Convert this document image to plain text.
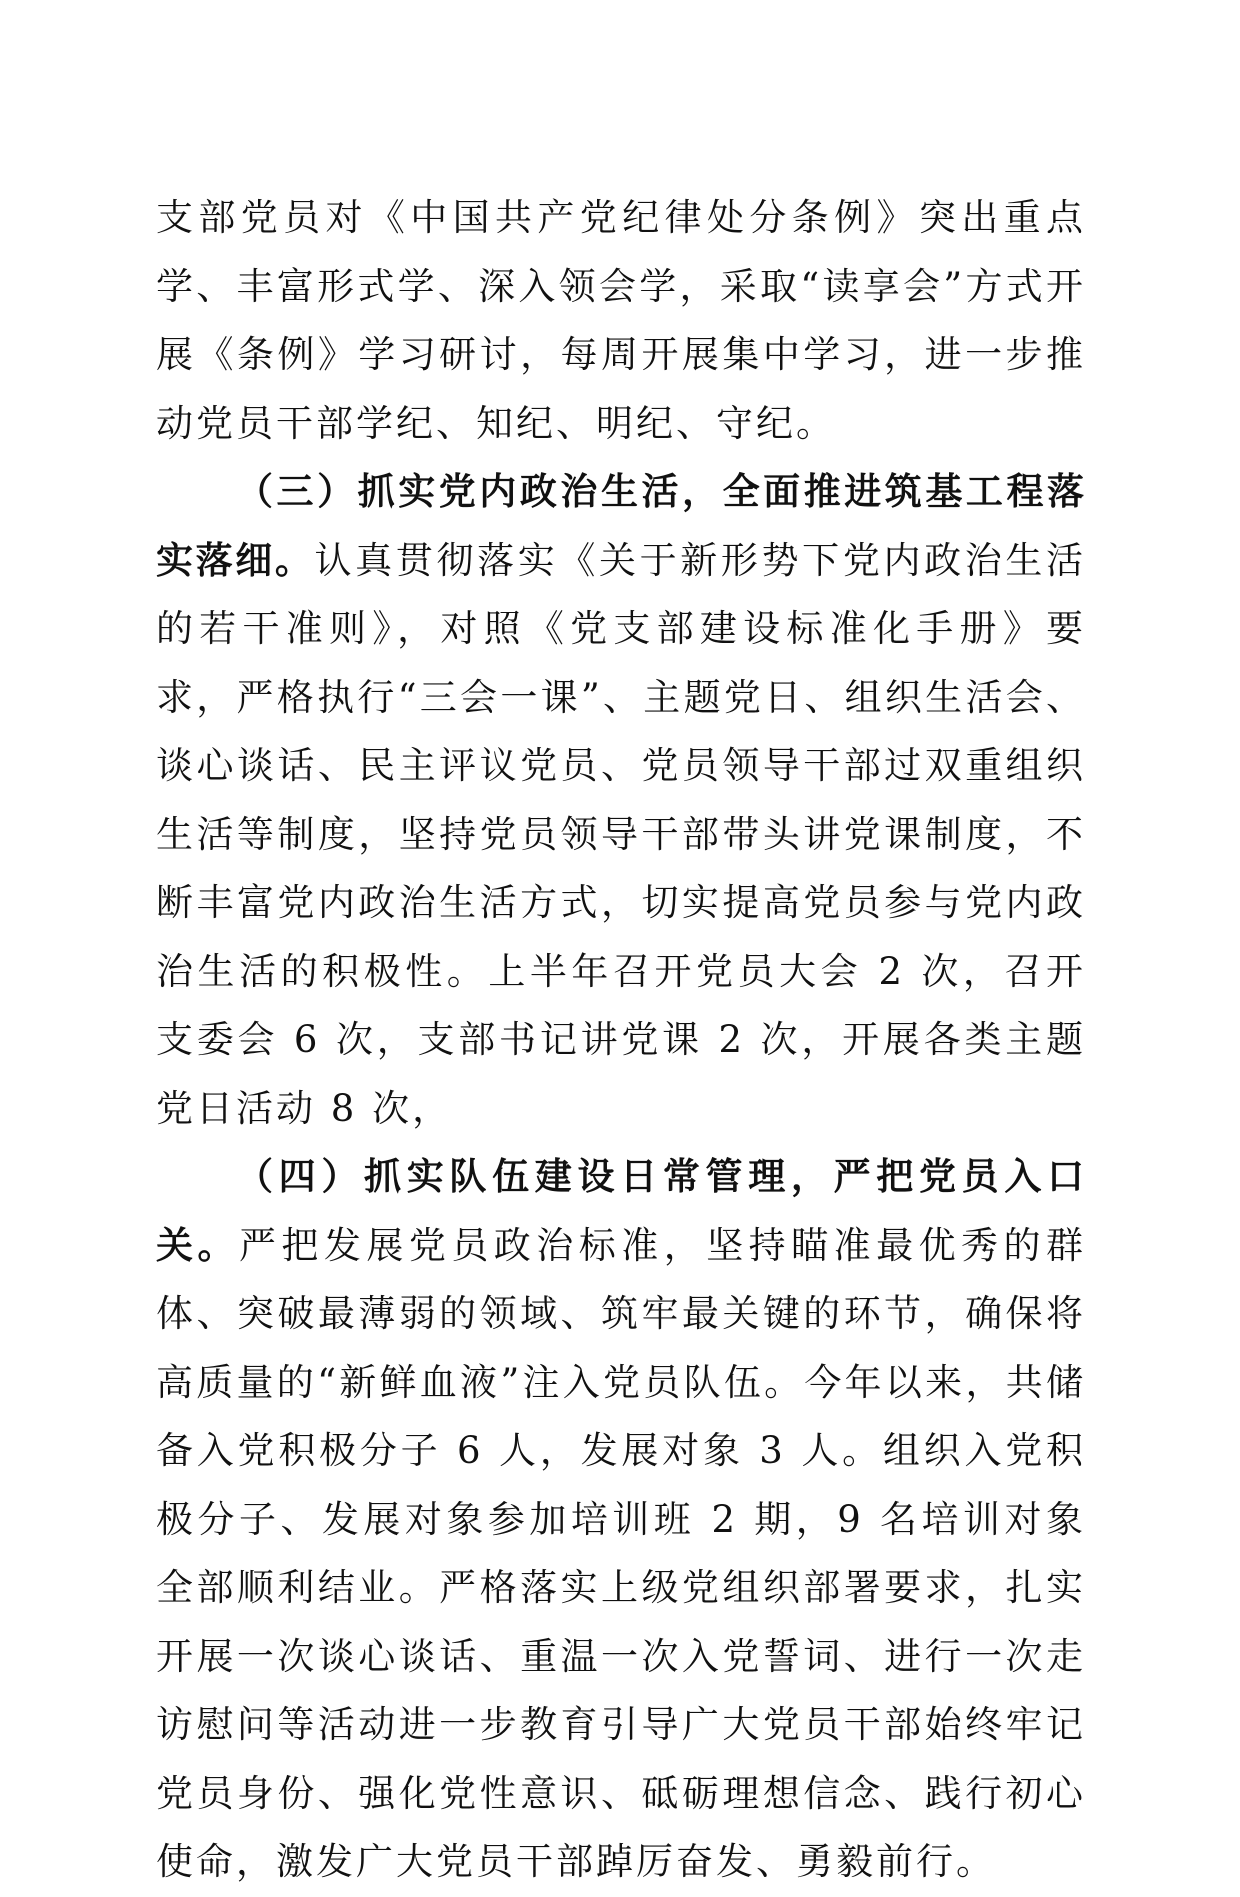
支部党员对《中国共产党纪律处分条例》突出重点学、丰富形式学、深入领会学，采取“读享会”方式开展《条例》学习研讨，每周开展集中学习，进一步推动党员干部学纪、知纪、明纪、守纪。

（三）抓实党内政治生活，全面推进筑基工程落实落细。认真贯彻落实《关于新形势下党内政治生活的若干准则》，对照《党支部建设标准化手册》要求，严格执行“三会一课”、主题党日、组织生活会、谈心谈话、民主评议党员、党员领导干部过双重组织生活等制度，坚持党员领导干部带头讲党课制度，不断丰富党内政治生活方式，切实提高党员参与党内政治生活的积极性。上半年召开党员大会 2 次，召开支委会 6 次，支部书记讲党课 2 次，开展各类主题党日活动 8 次，

（四）抓实队伍建设日常管理，严把党员入口关。严把发展党员政治标准，坚持瞄准最优秀的群体、突破最薄弱的领域、筑牢最关键的环节，确保将高质量的“新鲜血液”注入党员队伍。今年以来，共储备入党积极分子 6 人，发展对象 3 人。组织入党积极分子、发展对象参加培训班 2 期，9 名培训对象全部顺利结业。严格落实上级党组织部署要求，扎实开展一次谈心谈话、重温一次入党誓词、进行一次走访慰问等活动进一步教育引导广大党员干部始终牢记党员身份、强化党性意识、砥砺理想信念、践行初心使命，激发广大党员干部踔厉奋发、勇毅前行。
